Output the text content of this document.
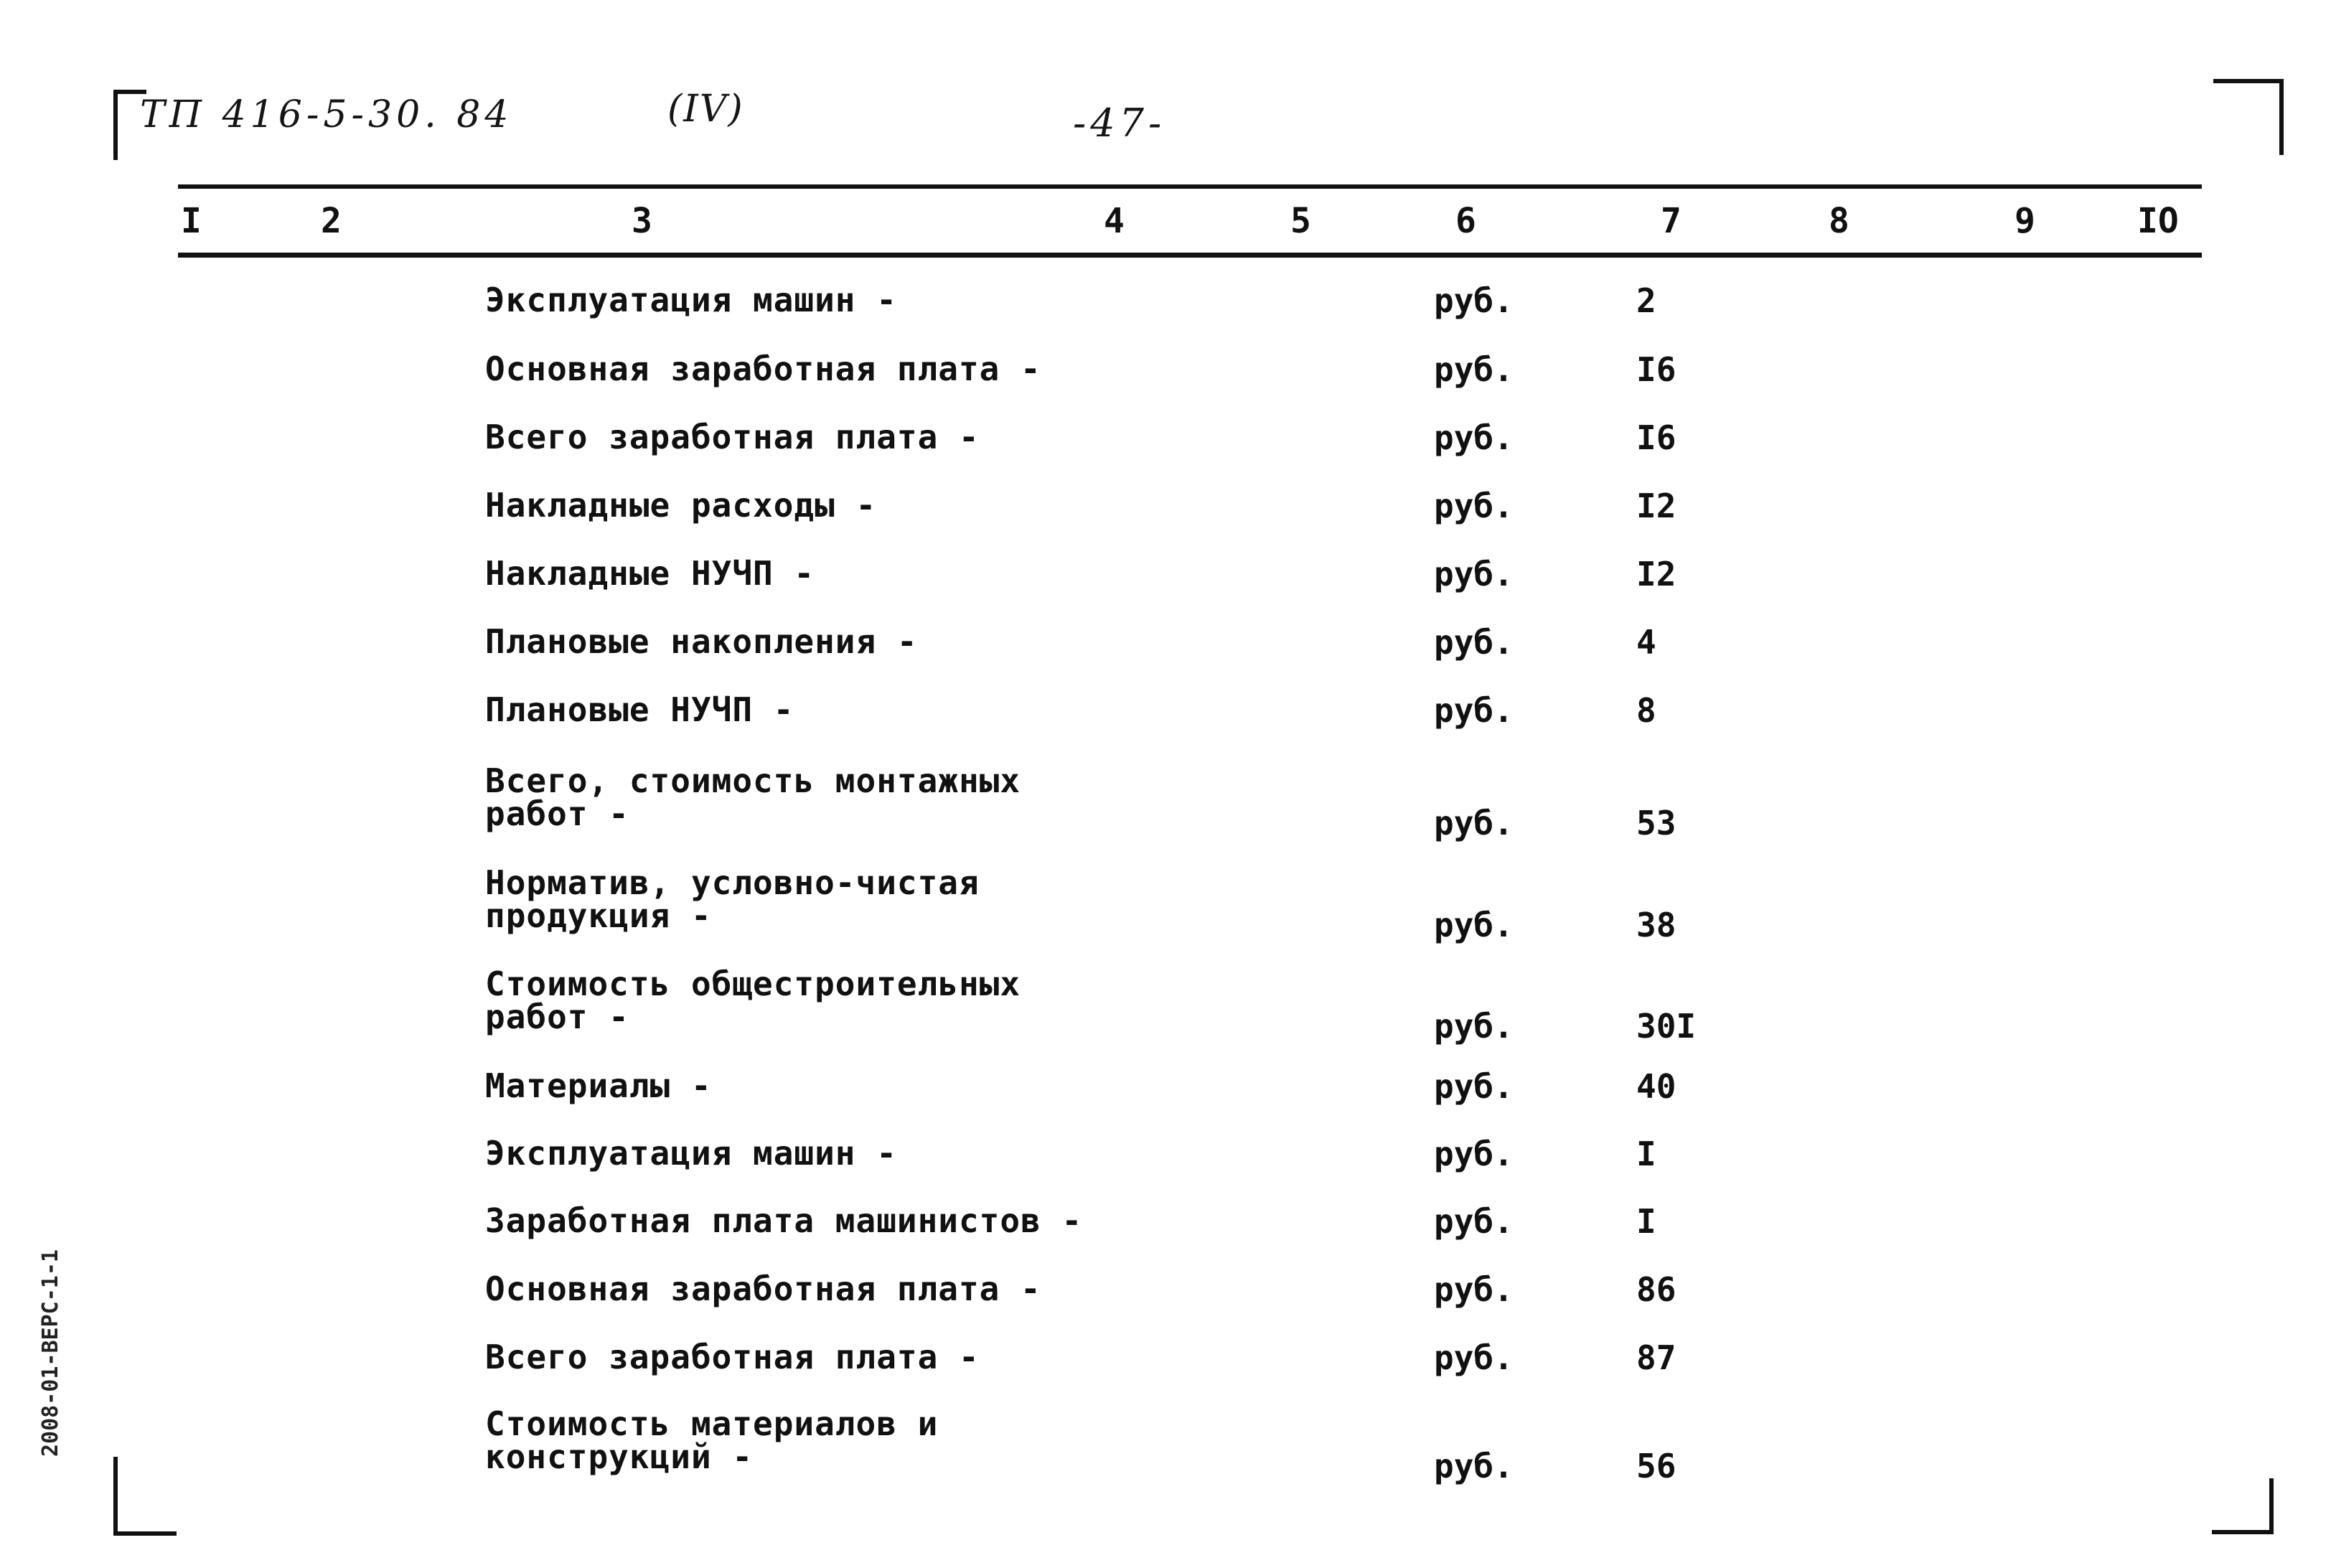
ТП 416-5-30. 84	(IV)	-47-
I	2	3	4	5	6	7	8	9	IO
Эксплуатация машин -	руб.	2
Основная заработная плата -	руб.	I6
Всего заработная плата -	руб.	I6
Накладные расходы -	руб.	I2
Накладные НУЧП -	руб.	I2
Плановые накопления -	руб.	4
Плановые НУЧП -	руб.	8
Всего, стоимость монтажных
работ -	руб.	53
Норматив, условно-чистая
продукция -	руб.	38
Стоимость общестроительных
работ -	руб.	30I
Материалы -	руб.	40
Эксплуатация машин -	руб.	I
Заработная плата машинистов -	руб.	I
Основная заработная плата -	руб.	86
Всего заработная плата -	руб.	87
Стоимость материалов и
конструкций -	руб.	56
2008-01-ВЕРС-1-1
